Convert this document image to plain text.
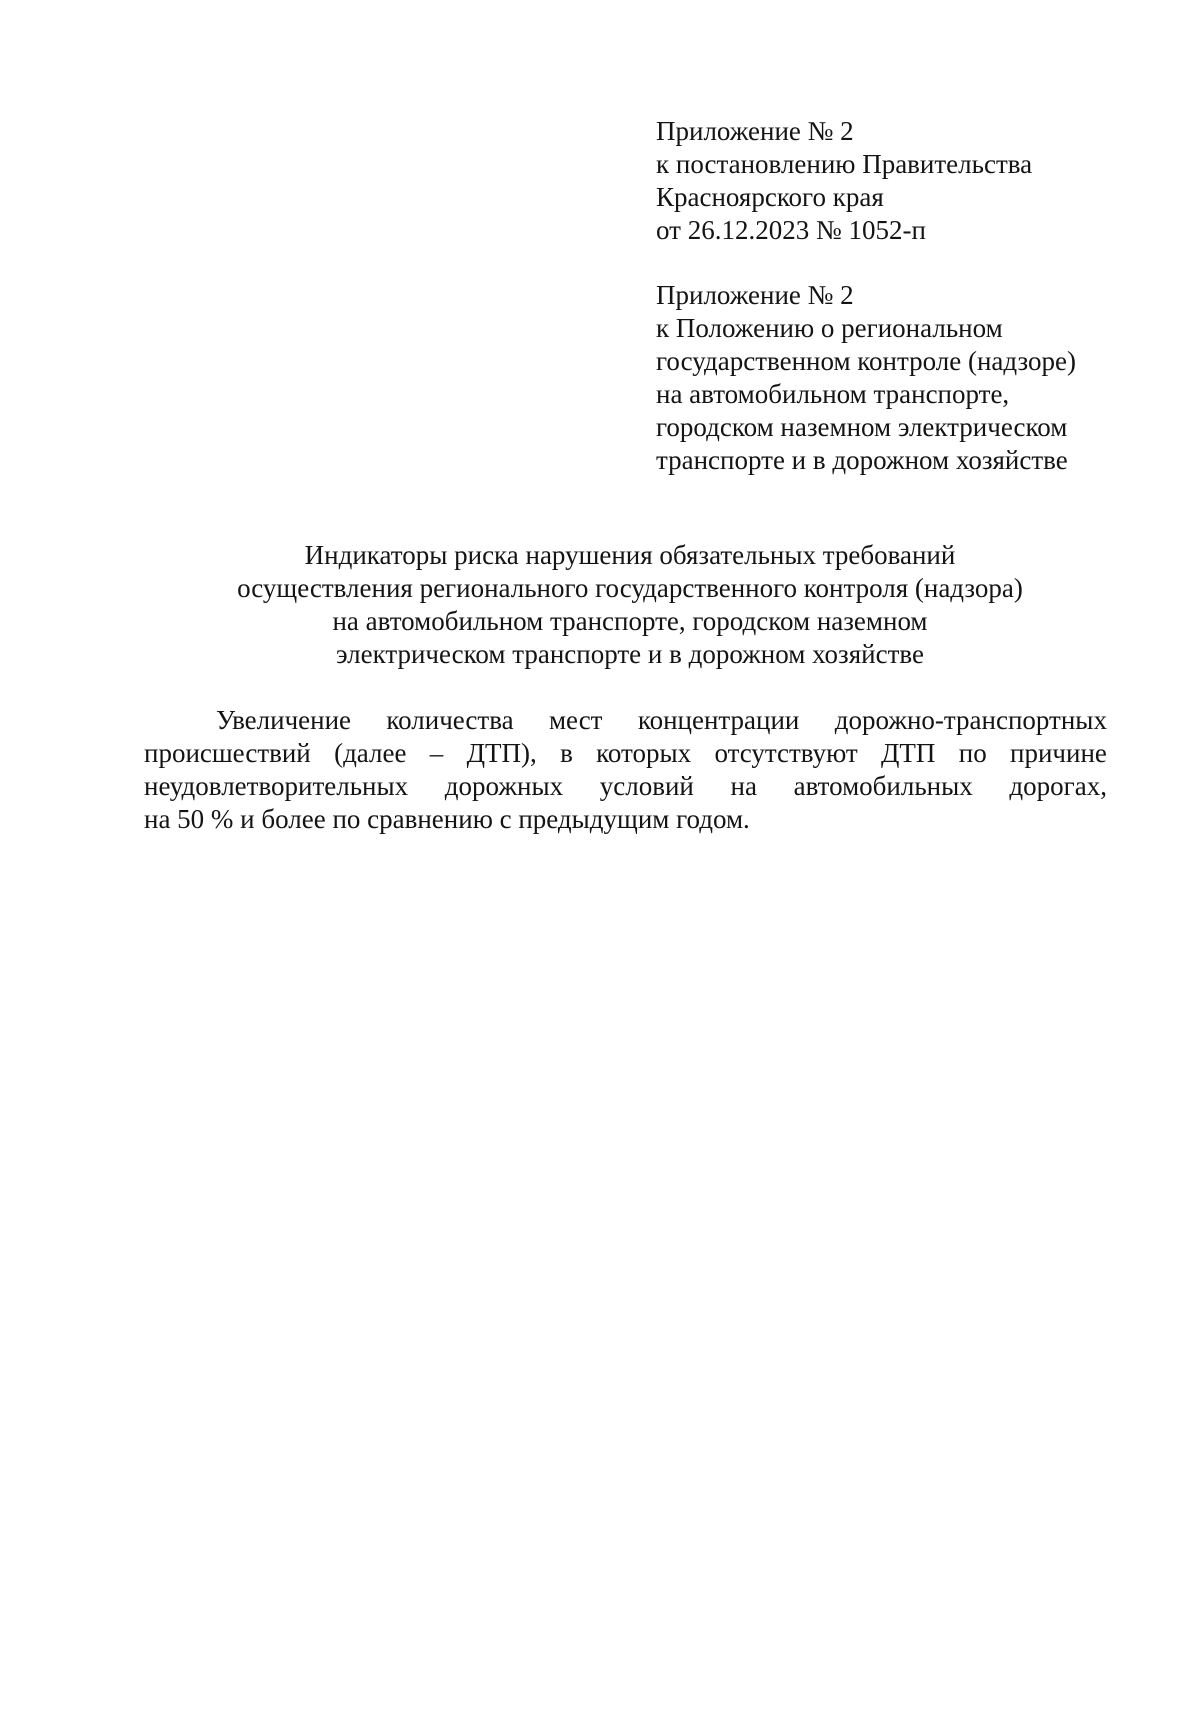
Приложение № 2
к постановлению Правительства
Красноярского края
от 26.12.2023 № 1052-п
Приложение № 2
к Положению о региональном
государственном контроле (надзоре)
на автомобильном транспорте,
городском наземном электрическом
транспорте и в дорожном хозяйстве
Индикаторы риска нарушения обязательных требований
осуществления регионального государственного контроля (надзора)
на автомобильном транспорте, городском наземном
электрическом транспорте и в дорожном хозяйстве
Увеличение количества мест концентрации дорожно-транспортных
происшествий (далее – ДТП), в которых отсутствуют ДТП по причине
неудовлетворительных дорожных условий на автомобильных дорогах,
на 50 % и более по сравнению с предыдущим годом.
